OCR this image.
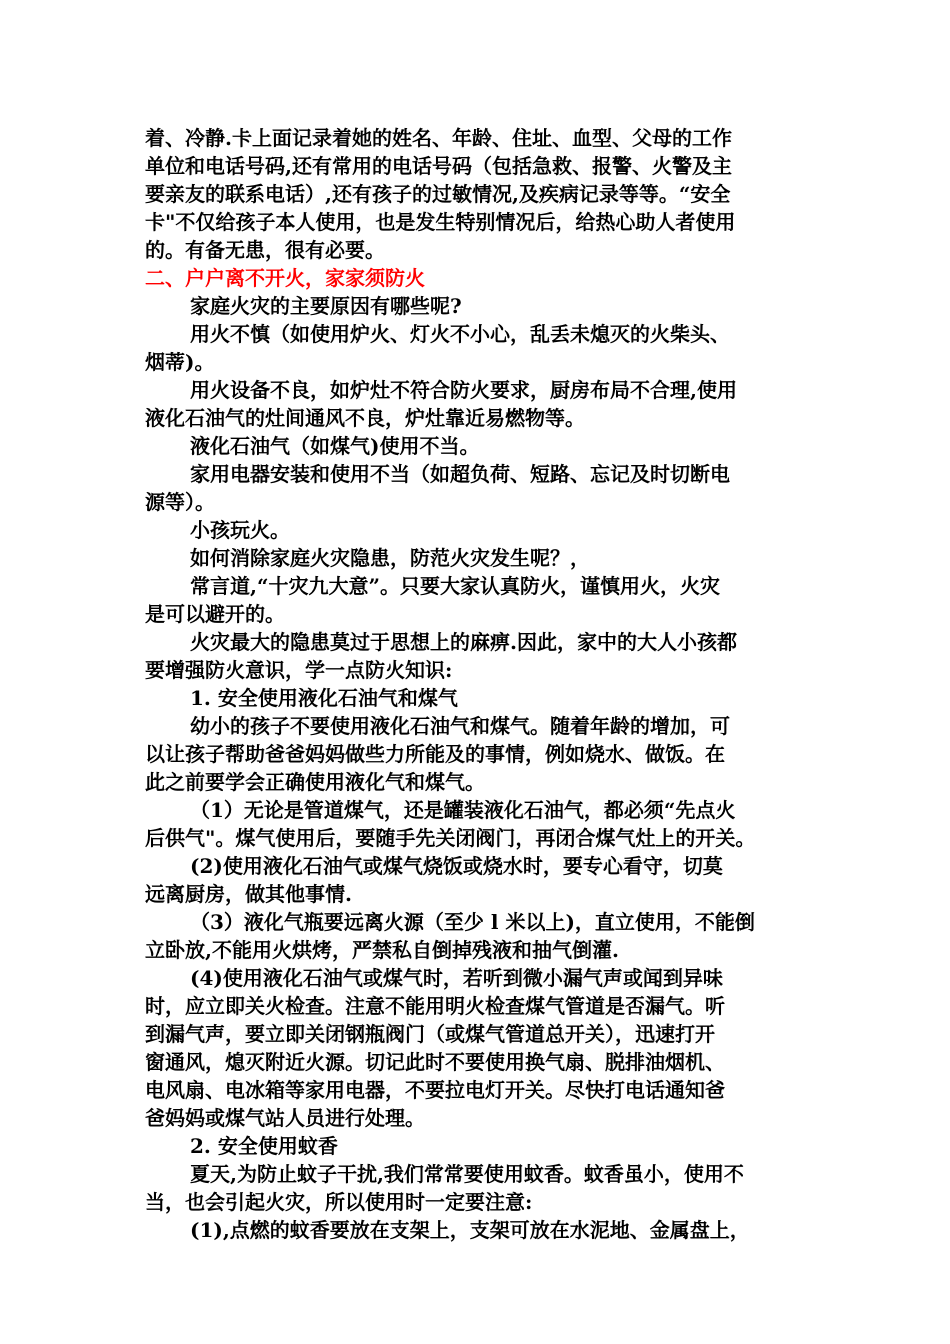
着、冷静.卡上面记录着她的姓名、年龄、住址、血型、父母的工作
单位和电话号码,还有常用的电话号码（包括急救、报警、火警及主
要亲友的联系电话）,还有孩子的过敏情况,及疾病记录等等。“安全
卡"不仅给孩子本人使用，也是发生特别情况后，给热心助人者使用
的。有备无患，很有必要。
二、户户离不开火，家家须防火
家庭火灾的主要原因有哪些呢?
用火不慎（如使用炉火、灯火不小心，乱丢未熄灭的火柴头、
烟蒂)。
用火设备不良，如炉灶不符合防火要求，厨房布局不合理,使用
液化石油气的灶间通风不良，炉灶靠近易燃物等。
液化石油气（如煤气)使用不当。
家用电器安装和使用不当（如超负荷、短路、忘记及时切断电
源等）。
小孩玩火。
如何消除家庭火灾隐患，防范火灾发生呢？，
常言道,“十灾九大意”。只要大家认真防火，谨慎用火，火灾
是可以避开的。
火灾最大的隐患莫过于思想上的麻痹.因此，家中的大人小孩都
要增强防火意识，学一点防火知识:
1. 安全使用液化石油气和煤气
幼小的孩子不要使用液化石油气和煤气。随着年龄的增加，可
以让孩子帮助爸爸妈妈做些力所能及的事情，例如烧水、做饭。在
此之前要学会正确使用液化气和煤气。
（1）无论是管道煤气，还是罐装液化石油气，都必须“先点火
后供气"。煤气使用后，要随手先关闭阀门，再闭合煤气灶上的开关。
(2)使用液化石油气或煤气烧饭或烧水时，要专心看守，切莫
远离厨房，做其他事情.
（3）液化气瓶要远离火源（至少 l 米以上)，直立使用，不能倒
立卧放,不能用火烘烤，严禁私自倒掉残液和抽气倒灌.
(4)使用液化石油气或煤气时，若听到微小漏气声或闻到异味
时，应立即关火检查。注意不能用明火检查煤气管道是否漏气。听
到漏气声，要立即关闭钢瓶阀门（或煤气管道总开关），迅速打开
窗通风，熄灭附近火源。切记此时不要使用换气扇、脱排油烟机、
电风扇、电冰箱等家用电器，不要拉电灯开关。尽快打电话通知爸
爸妈妈或煤气站人员进行处理。
2. 安全使用蚊香
夏天,为防止蚊子干扰,我们常常要使用蚊香。蚊香虽小，使用不
当，也会引起火灾，所以使用时一定要注意:
(1),点燃的蚊香要放在支架上，支架可放在水泥地、金属盘上，
